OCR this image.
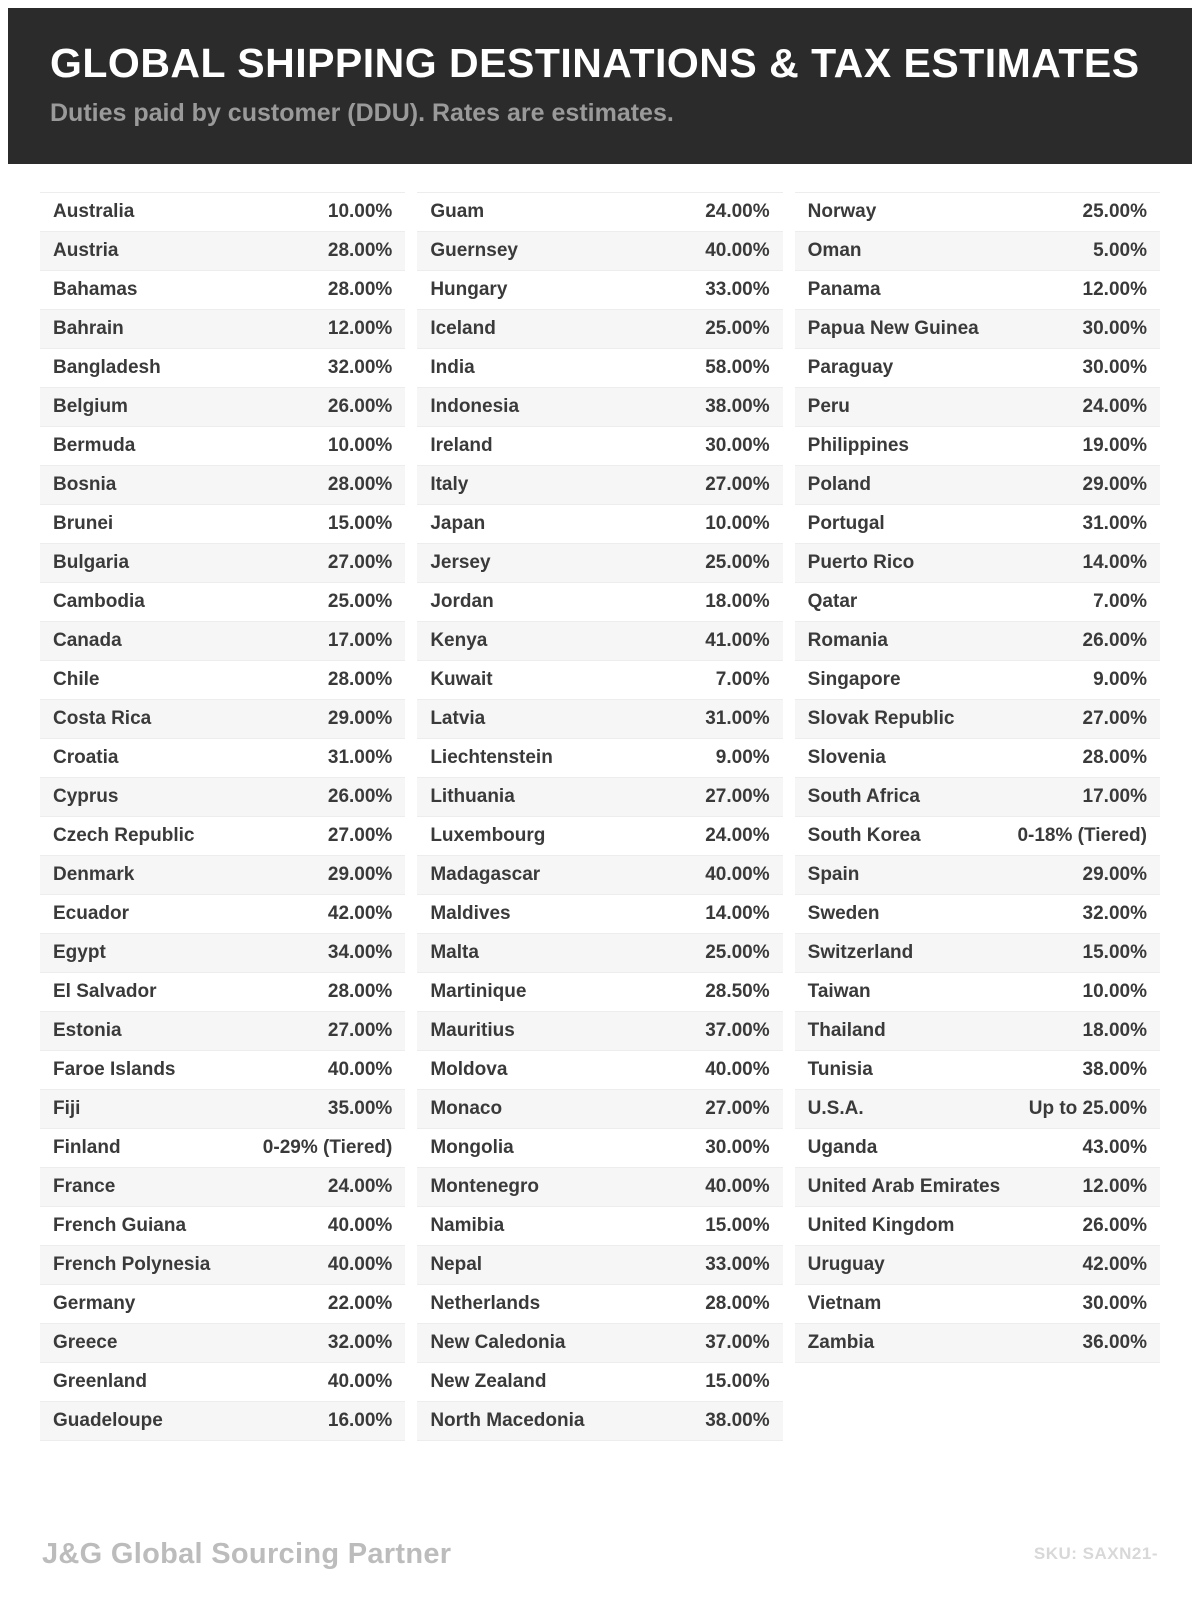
GLOBAL SHIPPING DESTINATIONS & TAX ESTIMATES

Duties paid by customer (DDU). Rates are estimates.

Australia	10.00%
Austria	28.00%
Bahamas	28.00%
Bahrain	12.00%
Bangladesh	32.00%
Belgium	26.00%
Bermuda	10.00%
Bosnia	28.00%
Brunei	15.00%
Bulgaria	27.00%
Cambodia	25.00%
Canada	17.00%
Chile	28.00%
Costa Rica	29.00%
Croatia	31.00%
Cyprus	26.00%
Czech Republic	27.00%
Denmark	29.00%
Ecuador	42.00%
Egypt	34.00%
El Salvador	28.00%
Estonia	27.00%
Faroe Islands	40.00%
Fiji	35.00%
Finland	0-29% (Tiered)
France	24.00%
French Guiana	40.00%
French Polynesia	40.00%
Germany	22.00%
Greece	32.00%
Greenland	40.00%
Guadeloupe	16.00%
Guam	24.00%
Guernsey	40.00%
Hungary	33.00%
Iceland	25.00%
India	58.00%
Indonesia	38.00%
Ireland	30.00%
Italy	27.00%
Japan	10.00%
Jersey	25.00%
Jordan	18.00%
Kenya	41.00%
Kuwait	7.00%
Latvia	31.00%
Liechtenstein	9.00%
Lithuania	27.00%
Luxembourg	24.00%
Madagascar	40.00%
Maldives	14.00%
Malta	25.00%
Martinique	28.50%
Mauritius	37.00%
Moldova	40.00%
Monaco	27.00%
Mongolia	30.00%
Montenegro	40.00%
Namibia	15.00%
Nepal	33.00%
Netherlands	28.00%
New Caledonia	37.00%
New Zealand	15.00%
North Macedonia	38.00%
Norway	25.00%
Oman	5.00%
Panama	12.00%
Papua New Guinea	30.00%
Paraguay	30.00%
Peru	24.00%
Philippines	19.00%
Poland	29.00%
Portugal	31.00%
Puerto Rico	14.00%
Qatar	7.00%
Romania	26.00%
Singapore	9.00%
Slovak Republic	27.00%
Slovenia	28.00%
South Africa	17.00%
South Korea	0-18% (Tiered)
Spain	29.00%
Sweden	32.00%
Switzerland	15.00%
Taiwan	10.00%
Thailand	18.00%
Tunisia	38.00%
U.S.A.	Up to 25.00%
Uganda	43.00%
United Arab Emirates	12.00%
United Kingdom	26.00%
Uruguay	42.00%
Vietnam	30.00%
Zambia	36.00%
J&G Global Sourcing Partner	SKU: SAXN21-
